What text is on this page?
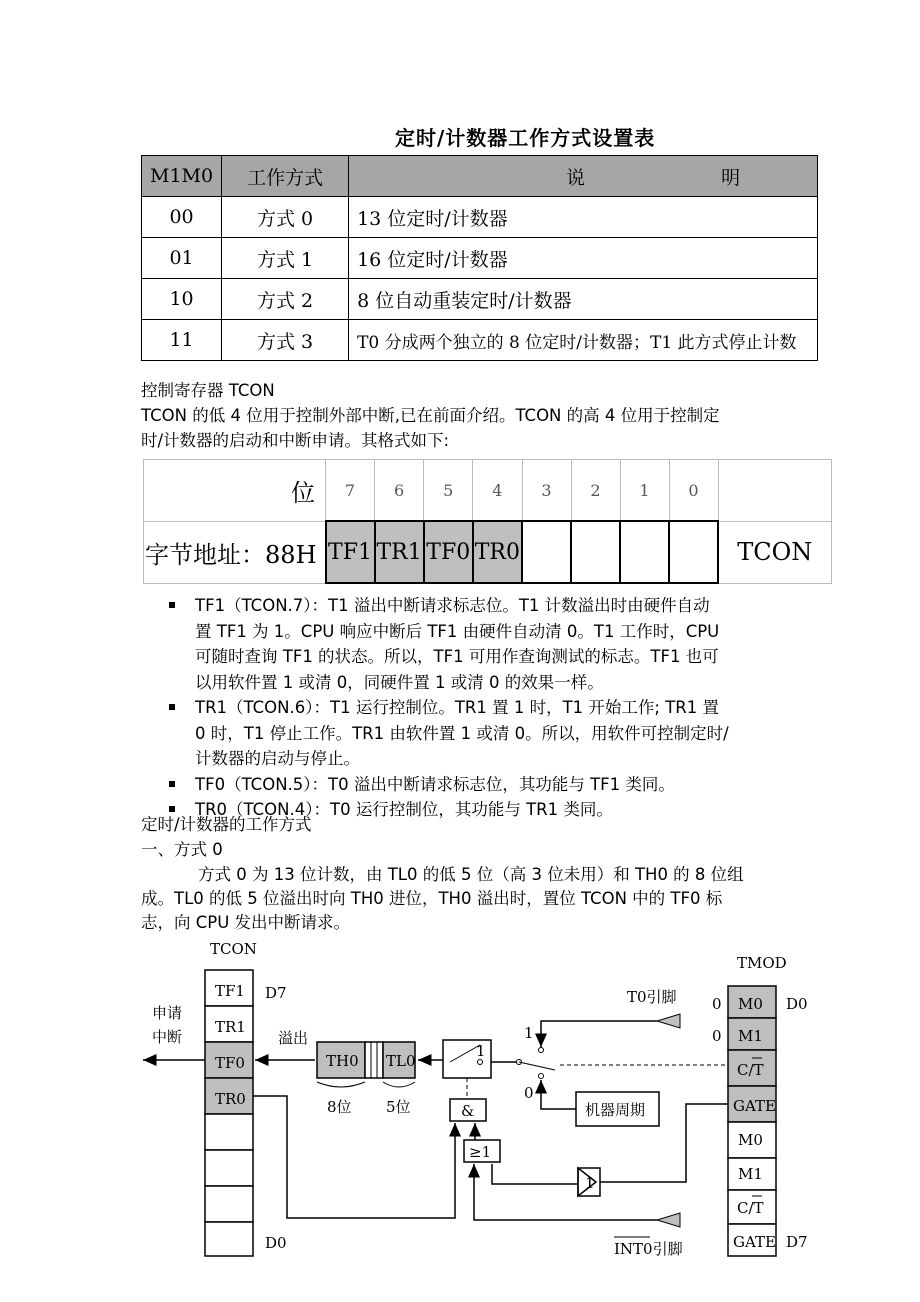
定时/计数器工作方式设置表
M1M0	工作方式	说 明
00	方式 0	13 位定时/计数器
01	方式 1	16 位定时/计数器
10	方式 2	8 位自动重装定时/计数器
11	方式 3	T0 分成两个独立的 8 位定时/计数器；T1 此方式停止计数
控制寄存器 TCON
TCON 的低 4 位用于控制外部中断,已在前面介绍。TCON 的高 4 位用于控制定
时/计数器的启动和中断申请。其格式如下:
位	7	6	5	4	3	2	1	0	
字节地址：88H	TF1	TR1	TF0	TR0					TCON
TF1（TCON.7）：T1 溢出中断请求标志位。T1 计数溢出时由硬件自动
置 TF1 为 1。CPU 响应中断后 TF1 由硬件自动清 0。T1 工作时，CPU
可随时查询 TF1 的状态。所以，TF1 可用作查询测试的标志。TF1 也可
以用软件置 1 或清 0，同硬件置 1 或清 0 的效果一样。
TR1（TCON.6）：T1 运行控制位。TR1 置 1 时，T1 开始工作; TR1 置
0 时，T1 停止工作。TR1 由软件置 1 或清 0。所以，用软件可控制定时/
计数器的启动与停止。
TF0（TCON.5）：T0 溢出中断请求标志位，其功能与 TF1 类同。
TR0（TCON.4）：T0 运行控制位，其功能与 TR1 类同。
定时/计数器的工作方式
一、方式 0
方式 0 为 13 位计数，由 TL0 的低 5 位（高 3 位未用）和 TH0 的 8 位组
成。TL0 的低 5 位溢出时向 TH0 进位，TH0 溢出时，置位 TCON 中的 TF0 标
志，向 CPU 发出中断请求。
TCON
TF1
TR1
TF0
TR0
D7
D0
申请
中断	溢出
TH0 TL0
8位 5位
1
1
0
T0引脚
机器周期
&
≥1
1
INT0引脚
TMOD
M0
M1
C/T
GATE
M0
M1
C/T
GATE
0
0
D0
D7
